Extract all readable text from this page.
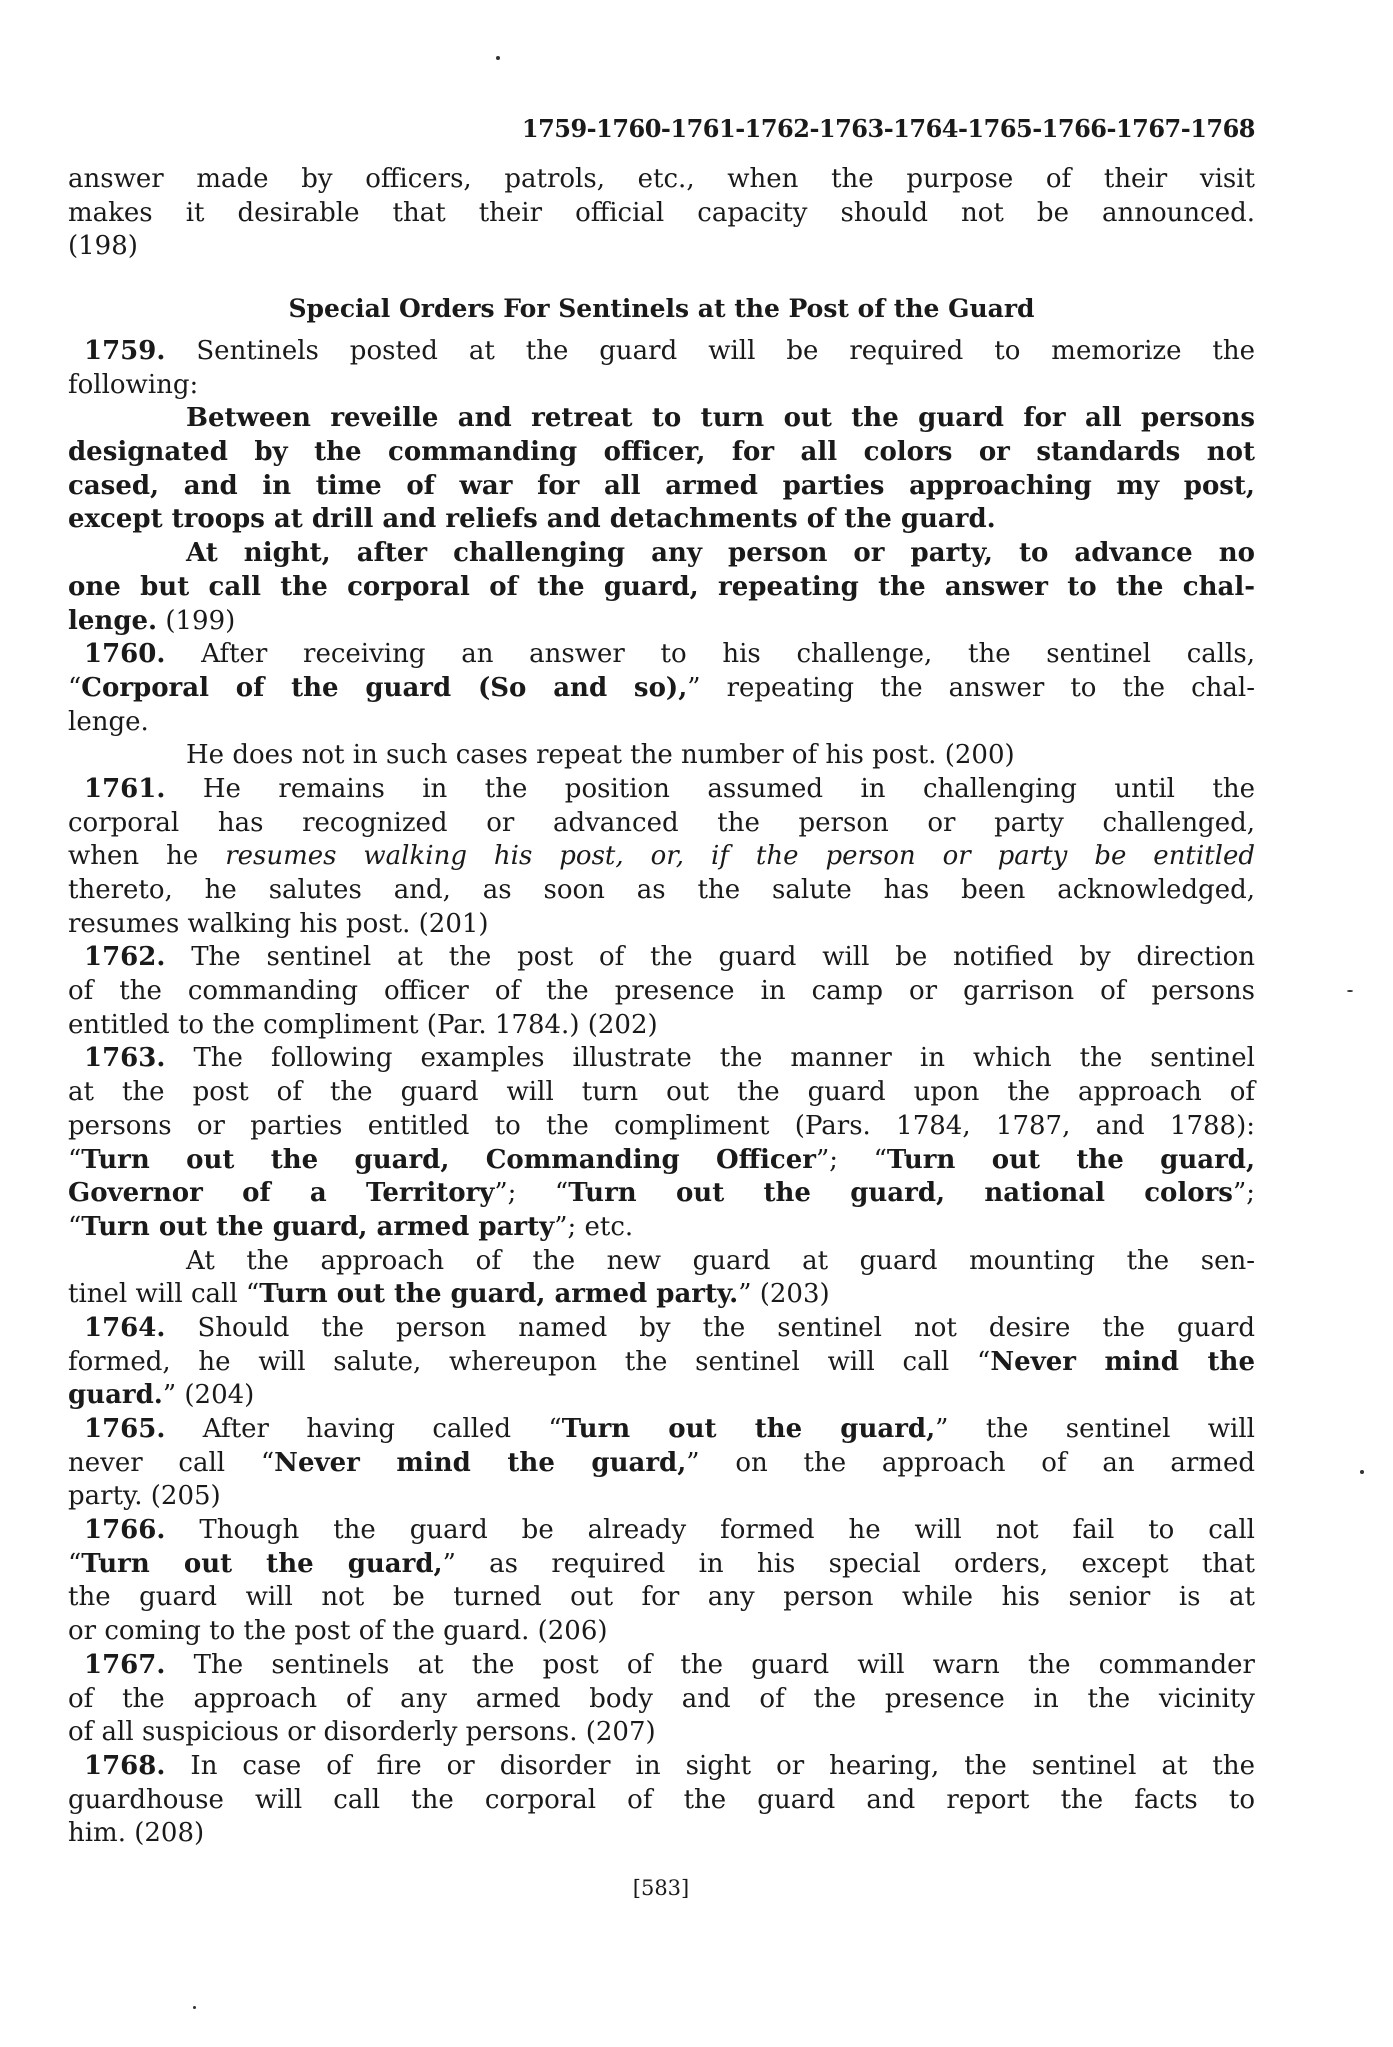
1759-1760-1761-1762-1763-1764-1765-1766-1767-1768
answer made by officers, patrols, etc., when the purpose of their visit
makes it desirable that their official capacity should not be announced.
(198)
Special Orders For Sentinels at the Post of the Guard
1759. Sentinels posted at the guard will be required to memorize the
following:
Between reveille and retreat to turn out the guard for all persons
designated by the commanding officer, for all colors or standards not
cased, and in time of war for all armed parties approaching my post,
except troops at drill and reliefs and detachments of the guard.
At night, after challenging any person or party, to advance no
one but call the corporal of the guard, repeating the answer to the chal-
lenge. (199)
1760. After receiving an answer to his challenge, the sentinel calls,
“Corporal of the guard (So and so),” repeating the answer to the chal-
lenge.
He does not in such cases repeat the number of his post. (200)
1761. He remains in the position assumed in challenging until the
corporal has recognized or advanced the person or party challenged,
when he resumes walking his post, or, if the person or party be entitled
thereto, he salutes and, as soon as the salute has been acknowledged,
resumes walking his post. (201)
1762. The sentinel at the post of the guard will be notified by direction
of the commanding officer of the presence in camp or garrison of persons
entitled to the compliment (Par. 1784.) (202)
1763. The following examples illustrate the manner in which the sentinel
at the post of the guard will turn out the guard upon the approach of
persons or parties entitled to the compliment (Pars. 1784, 1787, and 1788):
“Turn out the guard, Commanding Officer”; “Turn out the guard,
Governor of a Territory”; “Turn out the guard, national colors”;
“Turn out the guard, armed party”; etc.
At the approach of the new guard at guard mounting the sen-
tinel will call “Turn out the guard, armed party.” (203)
1764. Should the person named by the sentinel not desire the guard
formed, he will salute, whereupon the sentinel will call “Never mind the
guard.” (204)
1765. After having called “Turn out the guard,” the sentinel will
never call “Never mind the guard,” on the approach of an armed
party. (205)
1766. Though the guard be already formed he will not fail to call
“Turn out the guard,” as required in his special orders, except that
the guard will not be turned out for any person while his senior is at
or coming to the post of the guard. (206)
1767. The sentinels at the post of the guard will warn the commander
of the approach of any armed body and of the presence in the vicinity
of all suspicious or disorderly persons. (207)
1768. In case of fire or disorder in sight or hearing, the sentinel at the
guardhouse will call the corporal of the guard and report the facts to
him. (208)
[583]
